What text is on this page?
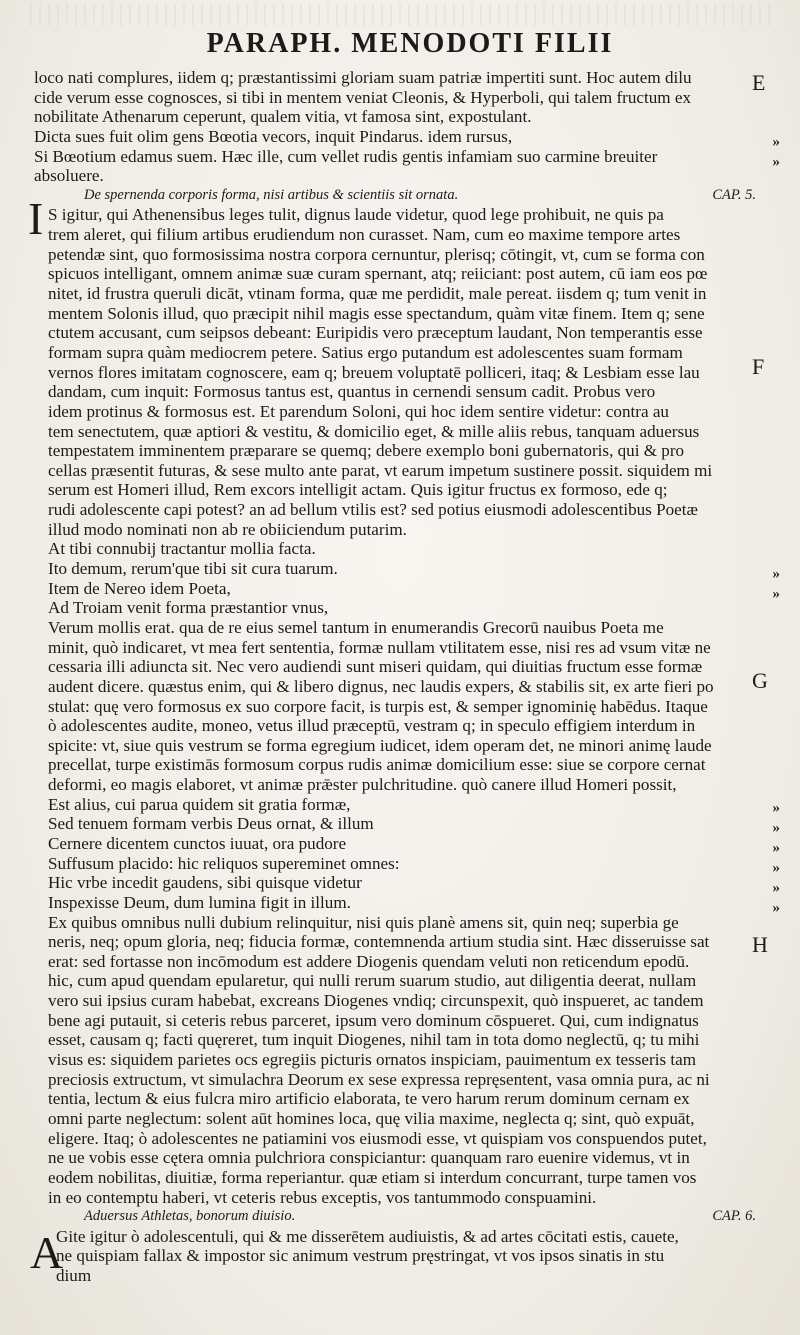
PARAPH. MENODOTI FILII
loco nati complures, iidem q; præstantissimi gloriam suam patriæ impertiti sunt. Hoc autem dilu
cide verum esse cognosces, si tibi in mentem veniat Cleonis, & Hyperboli, qui talem fructum ex
nobilitate Athenarum ceperunt, qualem vitia, vt famosa sint, expostulant.
Dicta sues fuit olim gens Bœotia vecors, inquit Pindarus. idem rursus,
Si Bœotium edamus suem. Hæc ille, cum vellet rudis gentis infamiam suo carmine breuiter
absoluere.
De spernenda corporis forma, nisi artibus & scientiis sit ornata.	CAP. 5.
S igitur, qui Athenensibus leges tulit, dignus laude videtur, quod lege prohibuit, ne quis pa
trem aleret, qui filium artibus erudiendum non curasset. Nam, cum eo maxime tempore artes
petendæ sint, quo formosissima nostra corpora cernuntur, plerisq; cōtingit, vt, cum se forma con
spicuos intelligant, omnem animæ suæ curam spernant, atq; reiiciant: post autem, cū iam eos pœ
nitet, id frustra queruli dicāt, vtinam forma, quæ me perdidit, male pereat. iisdem q; tum venit in
mentem Solonis illud, quo præcipit nihil magis esse spectandum, quàm vitæ finem. Item q; sene
ctutem accusant, cum seipsos debeant: Euripidis vero præceptum laudant, Non temperantis esse
formam supra quàm mediocrem petere. Satius ergo putandum est adolescentes suam formam
vernos flores imitatam cognoscere, eam q; breuem voluptatē polliceri, itaq; & Lesbiam esse lau
dandam, cum inquit: Formosus tantus est, quantus in cernendi sensum cadit. Probus vero
idem protinus & formosus est. Et parendum Soloni, qui hoc idem sentire videtur: contra au
tem senectutem, quæ aptiori & vestitu, & domicilio eget, & mille aliis rebus, tanquam aduersus
tempestatem imminentem præparare se quemq; debere exemplo boni gubernatoris, qui & pro
cellas præsentit futuras, & sese multo ante parat, vt earum impetum sustinere possit. siquidem mi
serum est Homeri illud, Rem excors intelligit actam. Quis igitur fructus ex formoso, ede q;
rudi adolescente capi potest? an ad bellum vtilis est? sed potius eiusmodi adolescentibus Poetæ
illud modo nominati non ab re obiiciendum putarim.
At tibi connubij tractantur mollia facta.
Ito demum, rerum'que tibi sit cura tuarum.
Item de Nereo idem Poeta,
Ad Troiam venit forma præstantior vnus,
Verum mollis erat. qua de re eius semel tantum in enumerandis Grecorū nauibus Poeta me
minit, quò indicaret, vt mea fert sententia, formæ nullam vtilitatem esse, nisi res ad vsum vitæ ne
cessaria illi adiuncta sit. Nec vero audiendi sunt miseri quidam, qui diuitias fructum esse formæ
audent dicere. quæstus enim, qui & libero dignus, nec laudis expers, & stabilis sit, ex arte fieri po
stulat: quę vero formosus ex suo corpore facit, is turpis est, & semper ignominię habēdus. Itaque
ò adolescentes audite, moneo, vetus illud præceptū, vestram q; in speculo effigiem interdum in
spicite: vt, siue quis vestrum se forma egregium iudicet, idem operam det, ne minori animę laude
precellat, turpe existimās formosum corpus rudis animæ domicilium esse: siue se corpore cernat
deformi, eo magis elaboret, vt animæ prǣster pulchritudine. quò canere illud Homeri possit,
Est alius, cui parua quidem sit gratia formæ,
Sed tenuem formam verbis Deus ornat, & illum
Cernere dicentem cunctos iuuat, ora pudore
Suffusum placido: hic reliquos supereminet omnes:
Hic vrbe incedit gaudens, sibi quisque videtur
Inspexisse Deum, dum lumina figit in illum.
Ex quibus omnibus nulli dubium relinquitur, nisi quis planè amens sit, quin neq; superbia ge
neris, neq; opum gloria, neq; fiducia formæ, contemnenda artium studia sint. Hæc disseruisse sat
erat: sed fortasse non incōmodum est addere Diogenis quendam veluti non reticendum epodū.
hic, cum apud quendam epularetur, qui nulli rerum suarum studio, aut diligentia deerat, nullam
vero sui ipsius curam habebat, excreans Diogenes vndiq; circunspexit, quò inspueret, ac tandem
bene agi putauit, si ceteris rebus parceret, ipsum vero dominum cōspueret. Qui, cum indignatus
esset, causam q; facti quęreret, tum inquit Diogenes, nihil tam in tota domo neglectū, q; tu mihi
visus es: siquidem parietes ocs egregiis picturis ornatos inspiciam, pauimentum ex tesseris tam
preciosis extructum, vt simulachra Deorum ex sese expressa repręsentent, vasa omnia pura, ac ni
tentia, lectum & eius fulcra miro artificio elaborata, te vero harum rerum dominum cernam ex
omni parte neglectum: solent aūt homines loca, quę vilia maxime, neglecta q; sint, quò expuāt,
eligere. Itaq; ò adolescentes ne patiamini vos eiusmodi esse, vt quispiam vos conspuendos putet,
ne ue vobis esse cętera omnia pulchriora conspiciantur: quanquam raro euenire videmus, vt in
eodem nobilitas, diuitiæ, forma reperiantur. quæ etiam si interdum concurrant, turpe tamen vos
in eo contemptu haberi, vt ceteris rebus exceptis, vos tantummodo conspuamini.
Aduersus Athletas, bonorum diuisio.	CAP. 6.
Gite igitur ò adolescentuli, qui & me disserētem audiuistis, & ad artes cōcitati estis, cauete,
ne quispiam fallax & impostor sic animum vestrum pręstringat, vt vos ipsos sinatis in stu
dium
I
A
E
F
G
H
»
»
»
»
»
»
»
»
»
»
